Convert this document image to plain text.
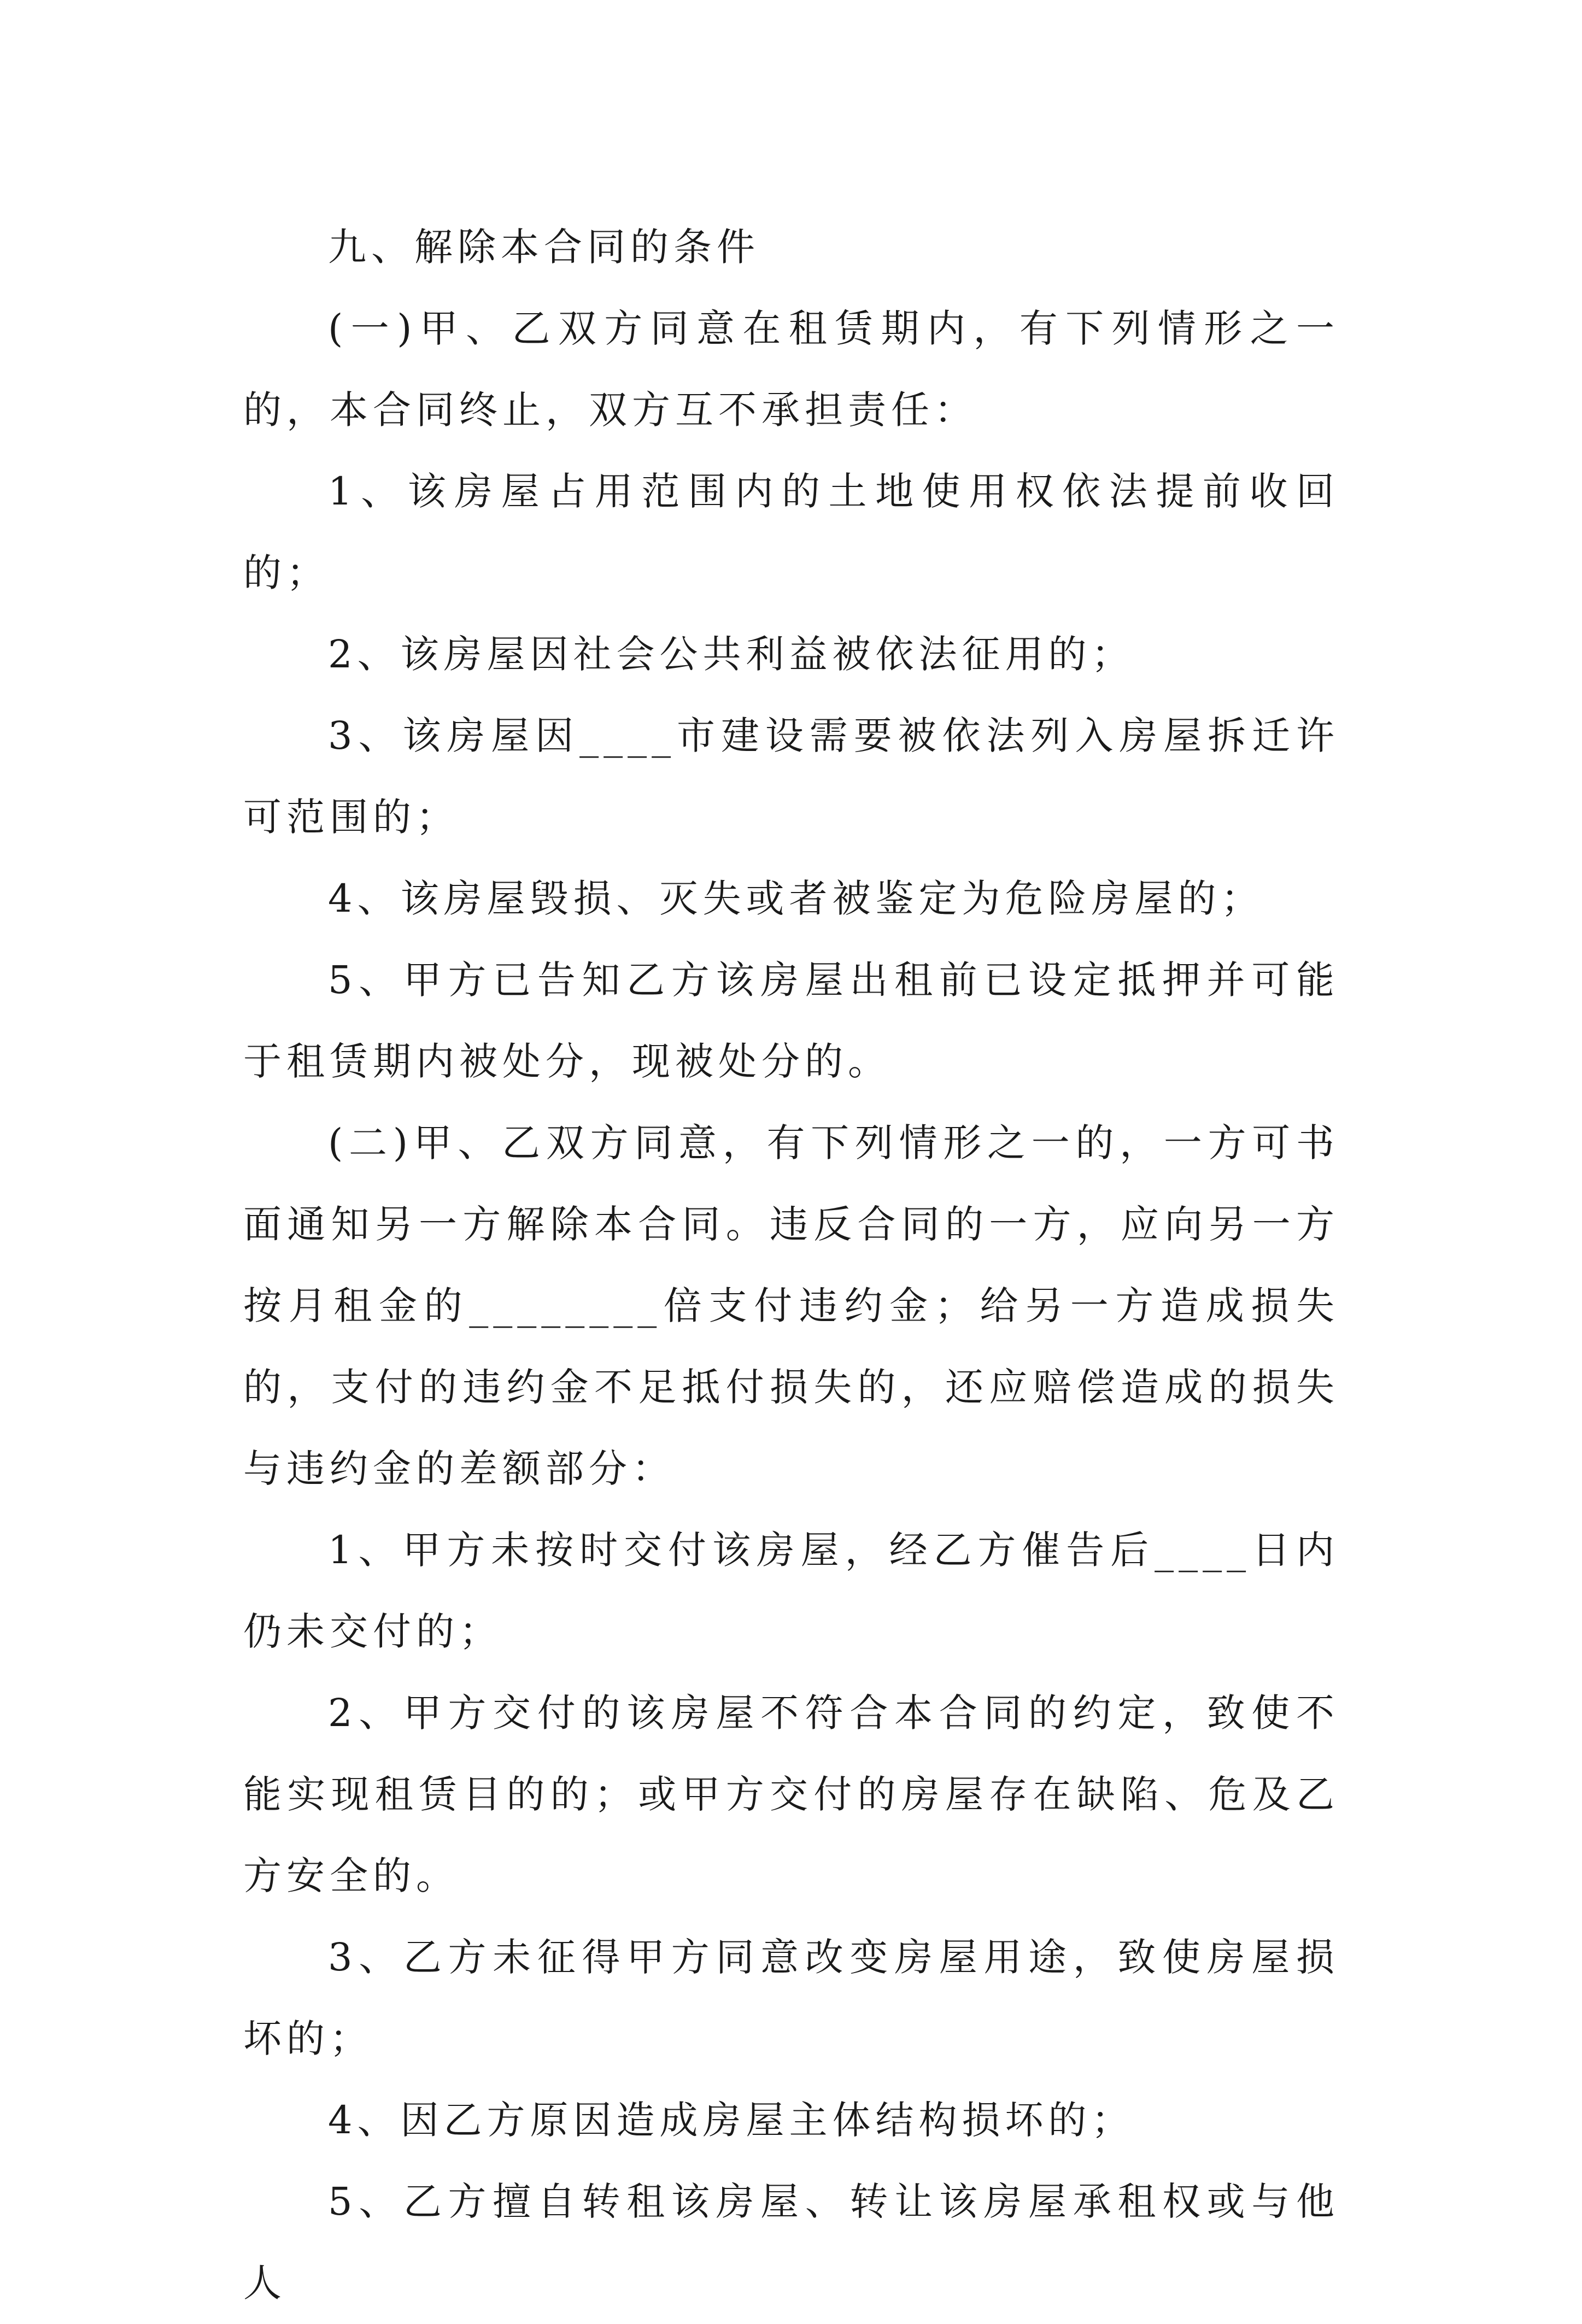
九、解除本合同的条件

(一)甲、乙双方同意在租赁期内，有下列情形之一的，本合同终止，双方互不承担责任：

1、该房屋占用范围内的土地使用权依法提前收回的；

2、该房屋因社会公共利益被依法征用的；

3、该房屋因____市建设需要被依法列入房屋拆迁许可范围的；

4、该房屋毁损、灭失或者被鉴定为危险房屋的；

5、甲方已告知乙方该房屋出租前已设定抵押并可能于租赁期内被处分，现被处分的。

(二)甲、乙双方同意，有下列情形之一的，一方可书面通知另一方解除本合同。违反合同的一方，应向另一方按月租金的________倍支付违约金；给另一方造成损失的，支付的违约金不足抵付损失的，还应赔偿造成的损失与违约金的差额部分：

1、甲方未按时交付该房屋，经乙方催告后____日内仍未交付的；

2、甲方交付的该房屋不符合本合同的约定，致使不能实现租赁目的的；或甲方交付的房屋存在缺陷、危及乙方安全的。

3、乙方未征得甲方同意改变房屋用途，致使房屋损坏的；

4、因乙方原因造成房屋主体结构损坏的；

5、乙方擅自转租该房屋、转让该房屋承租权或与他人
